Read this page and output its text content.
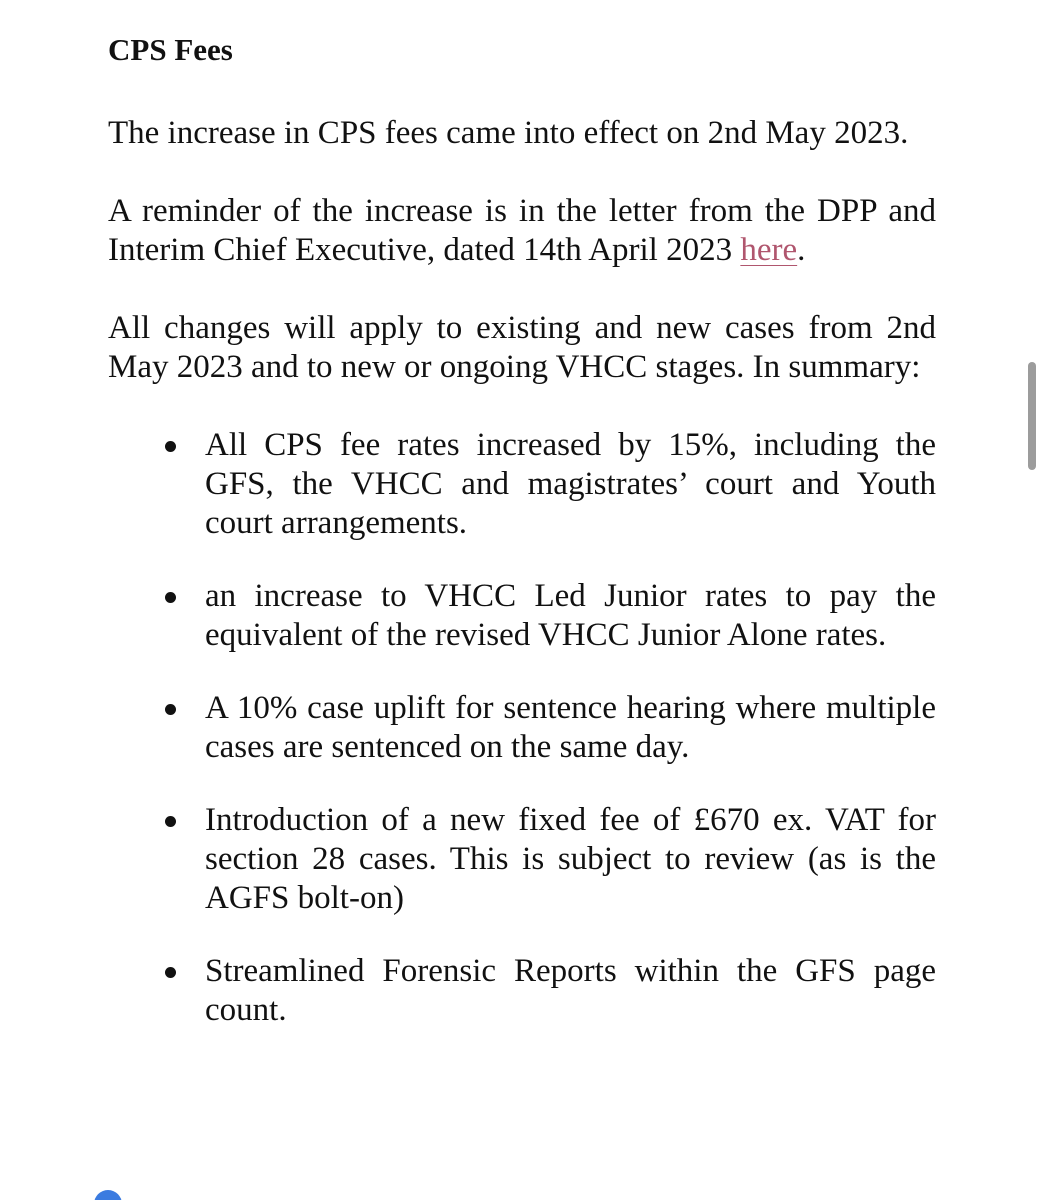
CPS Fees

The increase in CPS fees came into effect on 2nd May 2023.

A reminder of the increase is in the letter from the DPP and Interim Chief Executive, dated 14th April 2023 here.

All changes will apply to existing and new cases from 2nd May 2023 and to new or ongoing VHCC stages. In summary:

All CPS fee rates increased by 15%, including the GFS, the VHCC and magistrates’ court and Youth court arrangements.
an increase to VHCC Led Junior rates to pay the equivalent of the revised VHCC Junior Alone rates.
A 10% case uplift for sentence hearing where multiple cases are sentenced on the same day.
Introduction of a new fixed fee of £670 ex. VAT for section 28 cases. This is subject to review (as is the AGFS bolt-on)
Streamlined Forensic Reports within the GFS page count.
